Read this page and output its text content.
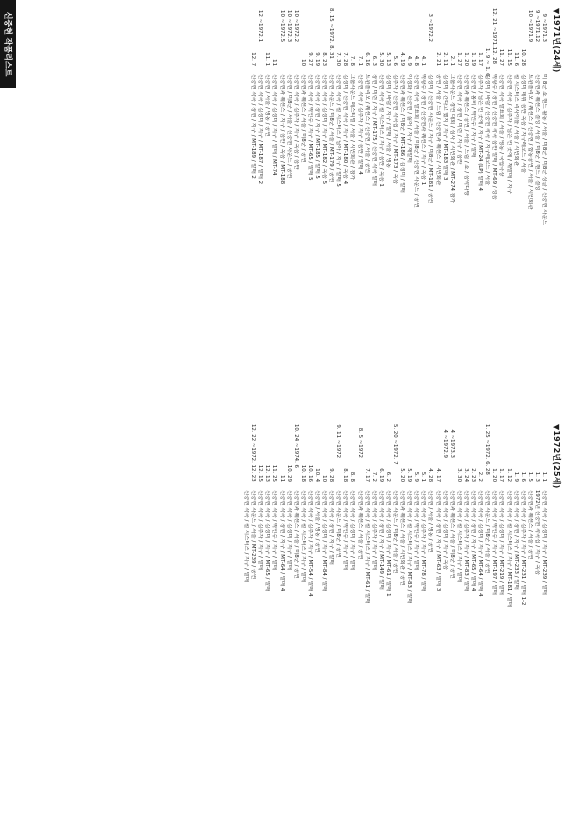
신중현 작품리스트	▼1971년(24세)
9 ~1971.3
미 8군 쇼 밴드 활동 / 서울 / 미8군 / 미8군 싱글 / 신중현 사운드
9 ~1971.12
신중현과 퀘션스 결성 / 서울 / 미8군 / 밴드 / 결성
10 ~1971.9
트윈폴리오 / 퀘션스 / 신중현 / 합동공연 / 서울 / 시민회관
10. 28
김정미 데뷔 음반 녹음 / 지구레코드 / 서울
11. 6
펄 시스터즈 리사이틀 / 서울 / 시민회관
11. 15
신중현 작곡 / 김추자 / 님은 먼 곳에 / 재발매 / 지구
11. 27
신중현 작곡 발표회 / 서울 / 명동 / 국립극장
12. 21 ~1971.12. 28
박광수 / 장현 / 신중현 작곡 음반 발매 / MT-69 / 성음
1. 9 ~ 1. 6
김정미 / 바람 / 신중현 작곡 / 지구레코드 / 서울
1. 17
김추자 / 님은 먼 곳에 / 지구 / MT-24 (LP) 발매 4
1. 19
신중현 / 봄비 / 박인수 / 지구 / 발매
1. 20
신중현과 퀘션스 / 공연 / 서울 / 드림 / 쇼 / 음악다방
1. 27
신중현 작곡 / 장현 / 미련 / 지구 / 음반
2. 1
그룹사운드 경연 대회 / 심사 / 시민회관 / MT-274 참가
2. 11
김정미 / 간다고 했지 / 지구 / MT-183 발매 3
2. 21
공연 / 서울 / 드림 / 신중현과 퀘션스 / 시민회관
3 ~1972.2
김정미 / 신중현 사운드 / 지구 / 미8군 / MT-181 / 공연
4. 1
박광수 / 장현 / 신중현과 퀘션스 / 지구 / 녹음 1
4. 8
신중현 작곡 발표회 / 서울 / 미8군 / 신중현 사운드 / 공연
4. 9
이정화 / 신중현 / 싫어 / 지구 / 재발매
4. 19
신중현과 퀘션스 / 미8군 / MT-186 / 김정미 / 발매
5. 6
김추자 / 신중현 작곡집 / 지구 / MT-173 / 녹음
5. 13
김정미 / 바람 / 지구 / 발매 / 서울 / 명동
5. 30
신중현 작곡 / 펄 시스터즈 / 지구 / 음반 / 녹음 1
6. 3
장현 / 미련 / 지구 / MT-175 / 신중현 작곡 발매
6. 16
트윈폴리오 / 퀘션스 / 신중현 / 서울 / 공연
7. 1
신중현 작곡 / 김추자 / 지구 / 음반 / 발매 4
7. 8
그룹사운드 페스티벌 / 서울 / 시민회관 / 참가
7. 28
김정미 / 신중현 작곡 / 지구 / MT-180 / 녹음 4
7. 30
신중현 작곡 / 펄 시스터즈 / 님아 / 지구 / 발매 5
8. 15 ~1972. 8. 31
신중현 사운드 / 미8군 / 서울 / MT-179 / 공연
8. 23
신중현 작곡 / 김정미 / 지구 / MT-182 / 녹음 5
9. 19
신중현 작곡 / 장현 / 지구 / MT-185 / 발매 5
9. 27
신중현 작곡 / 박인수 / 지구 / MT-65 / 발매 5
10
신중현과 퀘션스 / 서울 / 미8군 / 공연
10 ~1972.2
신중현 작곡 / 김추자 / 지구 / 녹음 / 음반
10 ~1972.3
신중현 / 미8군 / 서울 / 신중현 사운드 / 공연
10 ~1972.5
신중현과 퀘션스 / 지구 / 음반 / 녹음 / MT-188
11
신중현 작곡 / 김정미 / 지구 / 발매 / MT-74
11. 1
신중현 / 서울 / 명동 / 공연
12 ~1972.1
신중현 작곡 / 김정미 / 지구 / MT-187 / 발매 2
12. 7
신중현 작곡 / 장현 / 지구 / MT-189 / 발매 2
▼1972년(25세)
1. 1
신중현 작곡 / 김정미 / 지구 / MT-239 / 발매
1. 3
1972년 신중현 작곡집 / 지구 / 녹음
1. 5
신중현과 퀘션스 / 서울 / 공연
1. 6
신중현 작곡 / 김추자 / 지구 / MT-231 / 발매 1-2
1. 9
신중현 작곡 / 장현 / 지구 / MT-233 / 발매
1. 12
신중현 작곡 / 펄 시스터즈 / 지구 / MT-181 / 발매
1. 17
신중현 작곡 / 김정미 / 지구 / MT-219 / 발매
1. 20
신중현 작곡 / 박인수 / 지구 / MT-197 / 발매
1. 25 ~1972. 6. 28
신중현 사운드 / 미8군 / 서울 / 공연
2. 2
신중현 작곡 / 김정미 / 지구 / MT-64 / 발매 4
2. 23
신중현 작곡 / 장현 / 지구 / MT-65 / 발매 4
3. 24
신중현 작곡 / 김추자 / 지구 / MT-83 / 발매
3. 30
신중현 작곡 / 펄 시스터즈 / 지구 / 발매
4 ~1973.3
신중현과 퀘션스 / 서울 / 미8군 / 공연
4 ~1972.9
신중현 작곡 / 김정미 / 지구 / 녹음
4. 17
신중현 작곡 / 장현 / 지구 / MT-63 / 발매 3
4. 28
신중현 / 서울 / 명동 / 공연
5. 1
신중현 작곡 / 김추자 / 지구 / MT-78 / 발매
5. 9
신중현 작곡 / 박인수 / 지구 / 발매
5. 19
신중현 작곡 / 펄 시스터즈 / 지구 / MT-83 / 발매
5. 20
신중현과 퀘션스 / 서울 / 시민회관 / 공연
5. 20 ~1972. 7
신중현 사운드 / 미8군 / 서울 / 공연
6. 2
신중현 작곡 / 김정미 / 지구 / MT-61 / 발매 1
6. 19
신중현 작곡 / 장현 / 지구 / MT-149 / 발매
7. 2
신중현 작곡 / 김추자 / 지구 / 발매
7. 17
신중현 작곡 / 펄 시스터즈 / 지구 / MT-61 / 발매
8. 5 ~1972
신중현과 퀘션스 / 서울 / 공연
8. 8
신중현 작곡 / 김정미 / 지구 / 발매
8. 18
신중현 작곡 / 박인수 / 지구 / 발매
9. 11 ~1972
신중현 사운드 / 미8군 / 공연
9. 28
신중현 작곡 / 장현 / 지구 / 발매
10
신중현 작곡 / 김정미 / 지구 / MT-84 / 발매
10. 4
신중현 / 서울 / 명동 / 공연
10. 16
신중현 작곡 / 김추자 / 지구 / MT-54 / 발매 4
10. 18
신중현 작곡 / 펄 시스터즈 / 지구 / 발매
10. 24 ~1974. 6
신중현과 퀘션스 / 서울 / 미8군 / 공연
10. 29
신중현 작곡 / 김정미 / 지구 / 발매
11
신중현 작곡 / 장현 / 지구 / MT-64 / 발매 4
11. 25
신중현 작곡 / 박인수 / 지구 / 발매
12. 13
신중현 작곡 / 김정미 / 지구 / MT-65 / 발매
12. 15
신중현 작곡 / 김추자 / 지구 / 발매
12. 22 ~1972. 12. 23
신중현 사운드 / 서울 / MT-239 / 공연
신중현 작곡 / 펄 시스터즈 / 지구 / 발매
